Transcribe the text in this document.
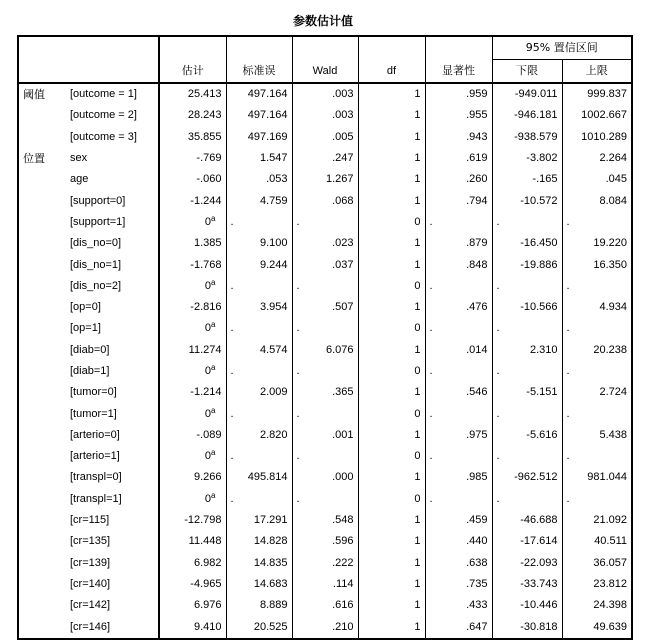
参数估计值
		估计	标准误	Wald	df	显著性	95% 置信区间	
							下限	上限
阈值	[outcome = 1]	25.413	497.164	.003	1	.959	-949.011	999.837
	[outcome = 2]	28.243	497.164	.003	1	.955	-946.181	1002.667
	[outcome = 3]	35.855	497.169	.005	1	.943	-938.579	1010.289
位置	sex	-.769	1.547	.247	1	.619	-3.802	2.264
	age	-.060	.053	1.267	1	.260	-.165	.045
	[support=0]	-1.244	4.759	.068	1	.794	-10.572	8.084
	[support=1]	0$^a$	.	.	0	.	.	.
	[dis_no=0]	1.385	9.100	.023	1	.879	-16.450	19.220
	[dis_no=1]	-1.768	9.244	.037	1	.848	-19.886	16.350
	[dis_no=2]	0$^a$	.	.	0	.	.	.
	[op=0]	-2.816	3.954	.507	1	.476	-10.566	4.934
	[op=1]	0$^a$	.	.	0	.	.	.
	[diab=0]	11.274	4.574	6.076	1	.014	2.310	20.238
	[diab=1]	0$^a$	.	.	0	.	.	.
	[tumor=0]	-1.214	2.009	.365	1	.546	-5.151	2.724
	[tumor=1]	0$^a$	.	.	0	.	.	.
	[arterio=0]	-.089	2.820	.001	1	.975	-5.616	5.438
	[arterio=1]	0$^a$	.	.	0	.	.	.
	[transpl=0]	9.266	495.814	.000	1	.985	-962.512	981.044
	[transpl=1]	0$^a$	.	.	0	.	.	.
	[cr=115]	-12.798	17.291	.548	1	.459	-46.688	21.092
	[cr=135]	11.448	14.828	.596	1	.440	-17.614	40.511
	[cr=139]	6.982	14.835	.222	1	.638	-22.093	36.057
	[cr=140]	-4.965	14.683	.114	1	.735	-33.743	23.812
	[cr=142]	6.976	8.889	.616	1	.433	-10.446	24.398
	[cr=146]	9.410	20.525	.210	1	.647	-30.818	49.639
